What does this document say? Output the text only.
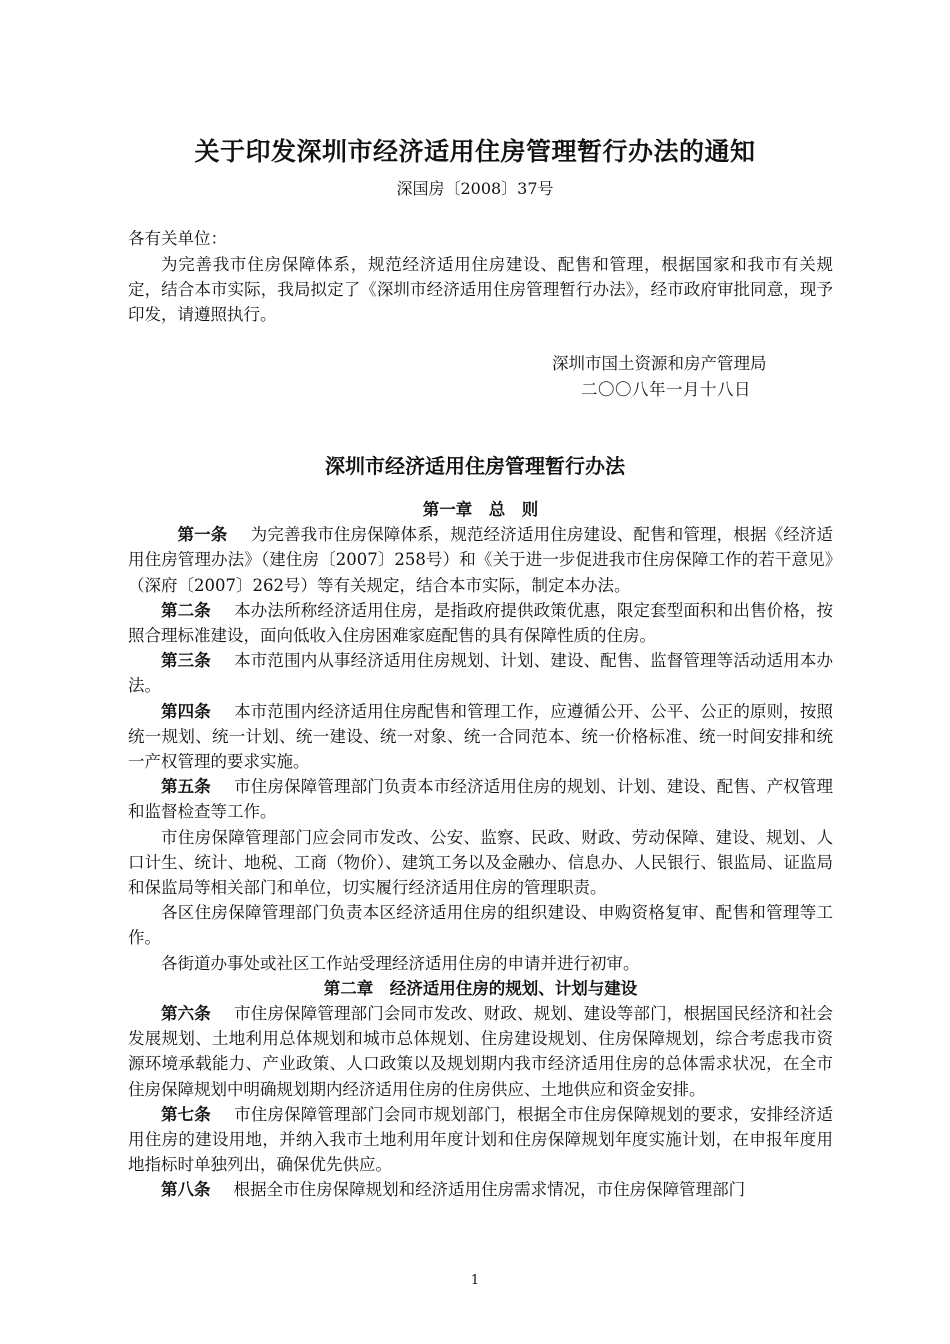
关于印发深圳市经济适用住房管理暂行办法的通知
深国房〔2008〕37号
各有关单位：
为完善我市住房保障体系，规范经济适用住房建设、配售和管理，根据国家和我市有关规定，结合本市实际，我局拟定了《深圳市经济适用住房管理暂行办法》，经市政府审批同意，现予印发，请遵照执行。
深圳市国土资源和房产管理局
二〇〇八年一月十八日
深圳市经济适用住房管理暂行办法
第一章　总　则

第一条 为完善我市住房保障体系，规范经济适用住房建设、配售和管理，根据《经济适用住房管理办法》（建住房〔2007〕258号）和《关于进一步促进我市住房保障工作的若干意见》（深府〔2007〕262号）等有关规定，结合本市实际，制定本办法。

第二条 本办法所称经济适用住房，是指政府提供政策优惠，限定套型面积和出售价格，按照合理标准建设，面向低收入住房困难家庭配售的具有保障性质的住房。

第三条 本市范围内从事经济适用住房规划、计划、建设、配售、监督管理等活动适用本办法。

第四条 本市范围内经济适用住房配售和管理工作，应遵循公开、公平、公正的原则，按照统一规划、统一计划、统一建设、统一对象、统一合同范本、统一价格标准、统一时间安排和统一产权管理的要求实施。

第五条 市住房保障管理部门负责本市经济适用住房的规划、计划、建设、配售、产权管理和监督检查等工作。

市住房保障管理部门应会同市发改、公安、监察、民政、财政、劳动保障、建设、规划、人口计生、统计、地税、工商（物价）、建筑工务以及金融办、信息办、人民银行、银监局、证监局和保监局等相关部门和单位，切实履行经济适用住房的管理职责。

各区住房保障管理部门负责本区经济适用住房的组织建设、申购资格复审、配售和管理等工作。

各街道办事处或社区工作站受理经济适用住房的申请并进行初审。

第二章　经济适用住房的规划、计划与建设

第六条 市住房保障管理部门会同市发改、财政、规划、建设等部门，根据国民经济和社会发展规划、土地利用总体规划和城市总体规划、住房建设规划、住房保障规划，综合考虑我市资源环境承载能力、产业政策、人口政策以及规划期内我市经济适用住房的总体需求状况，在全市住房保障规划中明确规划期内经济适用住房的住房供应、土地供应和资金安排。

第七条 市住房保障管理部门会同市规划部门，根据全市住房保障规划的要求，安排经济适用住房的建设用地，并纳入我市土地利用年度计划和住房保障规划年度实施计划，在申报年度用地指标时单独列出，确保优先供应。

第八条 根据全市住房保障规划和经济适用住房需求情况，市住房保障管理部门

1
